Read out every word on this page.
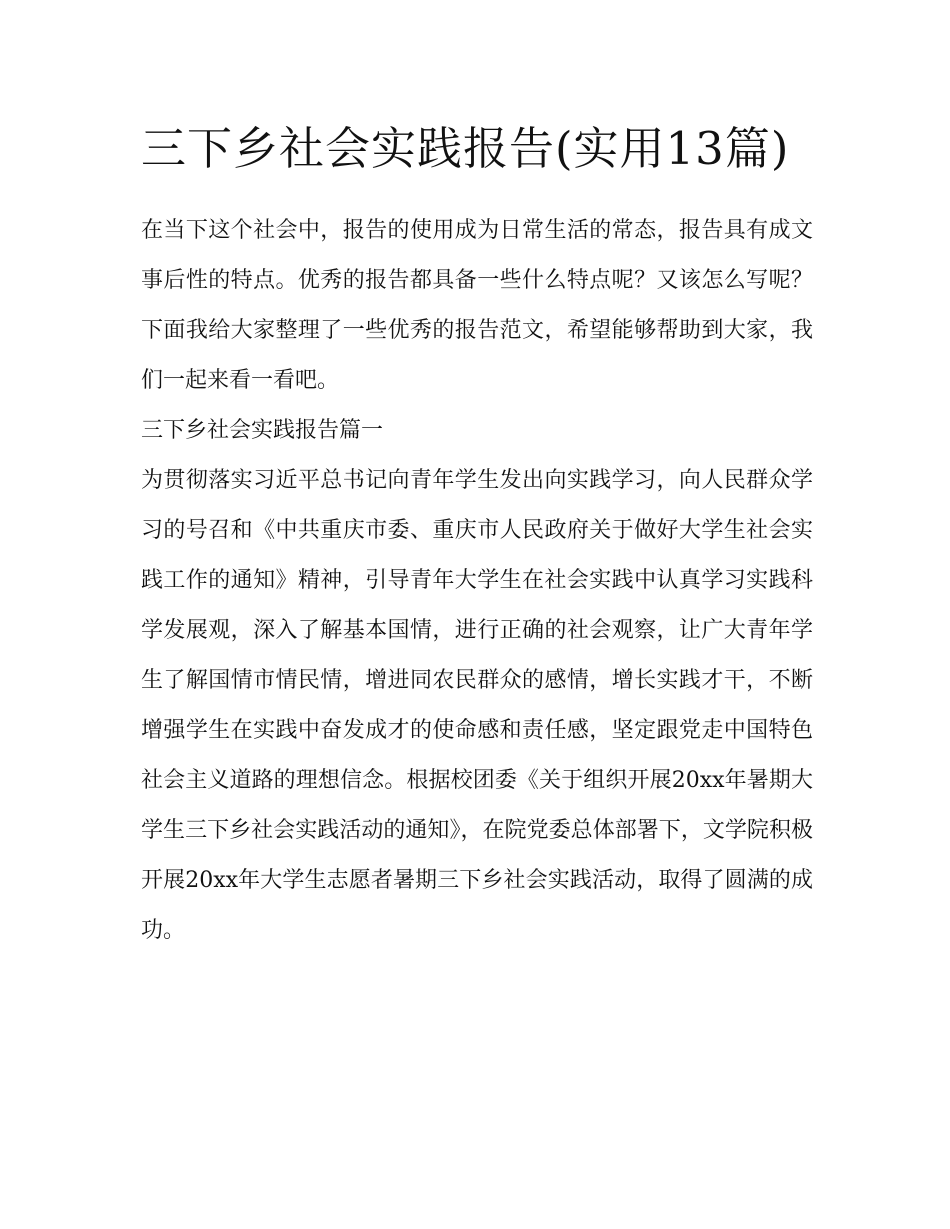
三下乡社会实践报告(实用13篇)

在当下这个社会中，报告的使用成为日常生活的常态，报告具有成文事后性的特点。优秀的报告都具备一些什么特点呢？又该怎么写呢？下面我给大家整理了一些优秀的报告范文，希望能够帮助到大家，我们一起来看一看吧。

三下乡社会实践报告篇一

为贯彻落实习近平总书记向青年学生发出向实践学习，向人民群众学习的号召和《中共重庆市委、重庆市人民政府关于做好大学生社会实践工作的通知》精神，引导青年大学生在社会实践中认真学习实践科学发展观，深入了解基本国情，进行正确的社会观察，让广大青年学生了解国情市情民情，增进同农民群众的感情，增长实践才干，不断增强学生在实践中奋发成才的使命感和责任感，坚定跟党走中国特色社会主义道路的理想信念。根据校团委《关于组织开展20xx年暑期大学生三下乡社会实践活动的通知》，在院党委总体部署下，文学院积极开展20xx年大学生志愿者暑期三下乡社会实践活动，取得了圆满的成功。
